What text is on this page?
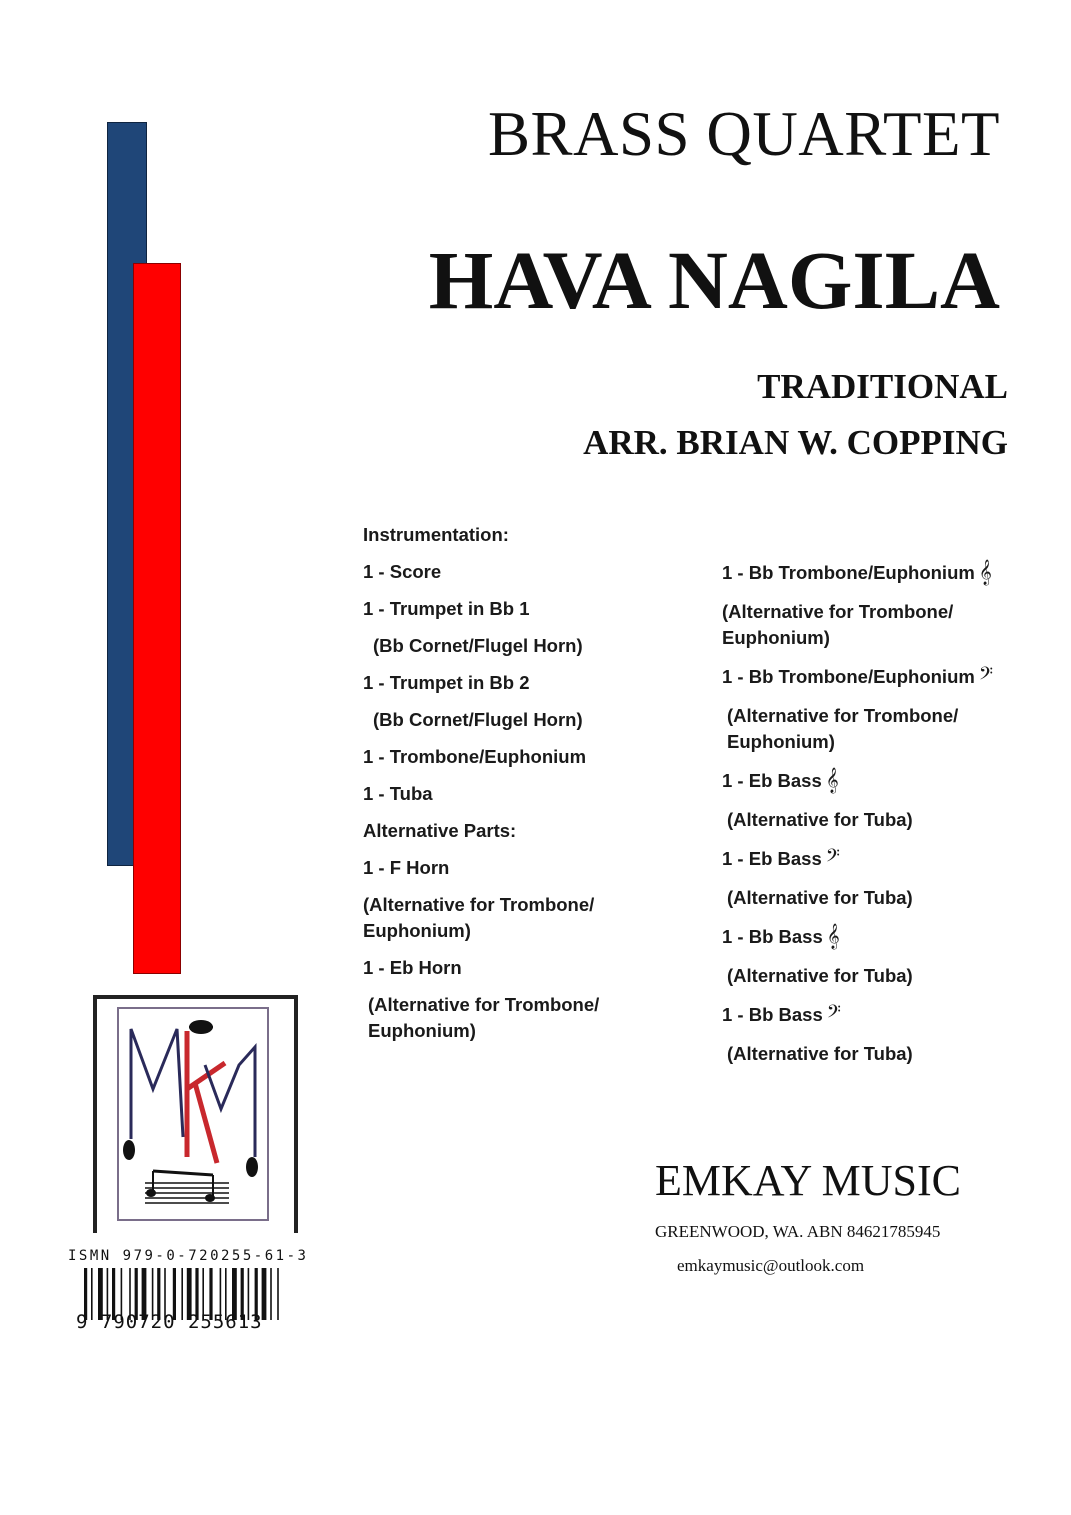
BRASS QUARTET
HAVA NAGILA
TRADITIONAL
ARR. BRIAN W. COPPING
Instrumentation:
1 - Score
1 - Trumpet in Bb 1
(Bb Cornet/Flugel Horn)
1 - Trumpet in Bb 2
(Bb Cornet/Flugel Horn)
1 - Trombone/Euphonium
1 - Tuba
Alternative Parts:
1 - F Horn
(Alternative for Trombone/ Euphonium)
1 - Eb Horn
(Alternative for Trombone/ Euphonium)
1 - Bb Trombone/Euphonium 𝄞
(Alternative for Trombone/ Euphonium)
1 - Bb Trombone/Euphonium 𝄢
(Alternative for Trombone/ Euphonium)
1 - Eb Bass 𝄞
(Alternative for Tuba)
1 - Eb Bass 𝄢
(Alternative for Tuba)
1 - Bb Bass 𝄞
(Alternative for Tuba)
1 - Bb Bass 𝄢
(Alternative for Tuba)
ISMN 979-0-720255-61-3
9 790720 255613
EMKAY MUSIC
GREENWOOD, WA. ABN 84621785945
emkaymusic@outlook.com
